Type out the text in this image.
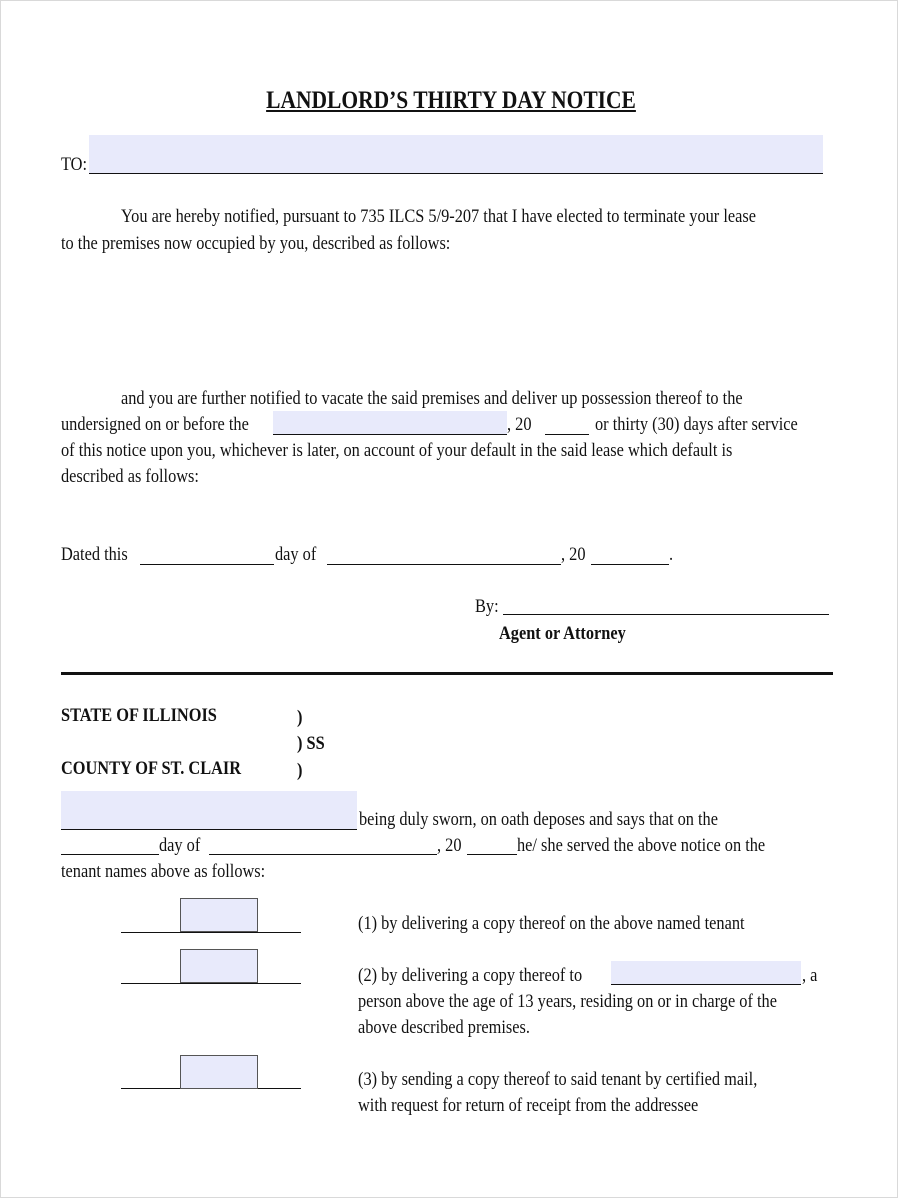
LANDLORD’S THIRTY DAY NOTICE
TO:
You are hereby notified, pursuant to 735 ILCS 5/9-207 that I have elected to terminate your lease
to the premises now occupied by you, described as follows:
and you are further notified to vacate the said premises and deliver up possession thereof to the
undersigned on or before the	, 20	or thirty (30) days after service
of this notice upon you, whichever is later, on account of your default in the said lease which default is
described as follows:
Dated this	day of	, 20	.
By:
Agent or Attorney
STATE OF ILLINOIS	)
) SS
COUNTY OF ST. CLAIR	)
being duly sworn, on oath deposes and says that on the
day of	, 20	he/ she served the above notice on the
tenant names above as follows:
(1) by delivering a copy thereof on the above named tenant
(2) by delivering a copy thereof to	, a
person above the age of 13 years, residing on or in charge of the
above described premises.
(3) by sending a copy thereof to said tenant by certified mail,
with request for return of receipt from the addressee
